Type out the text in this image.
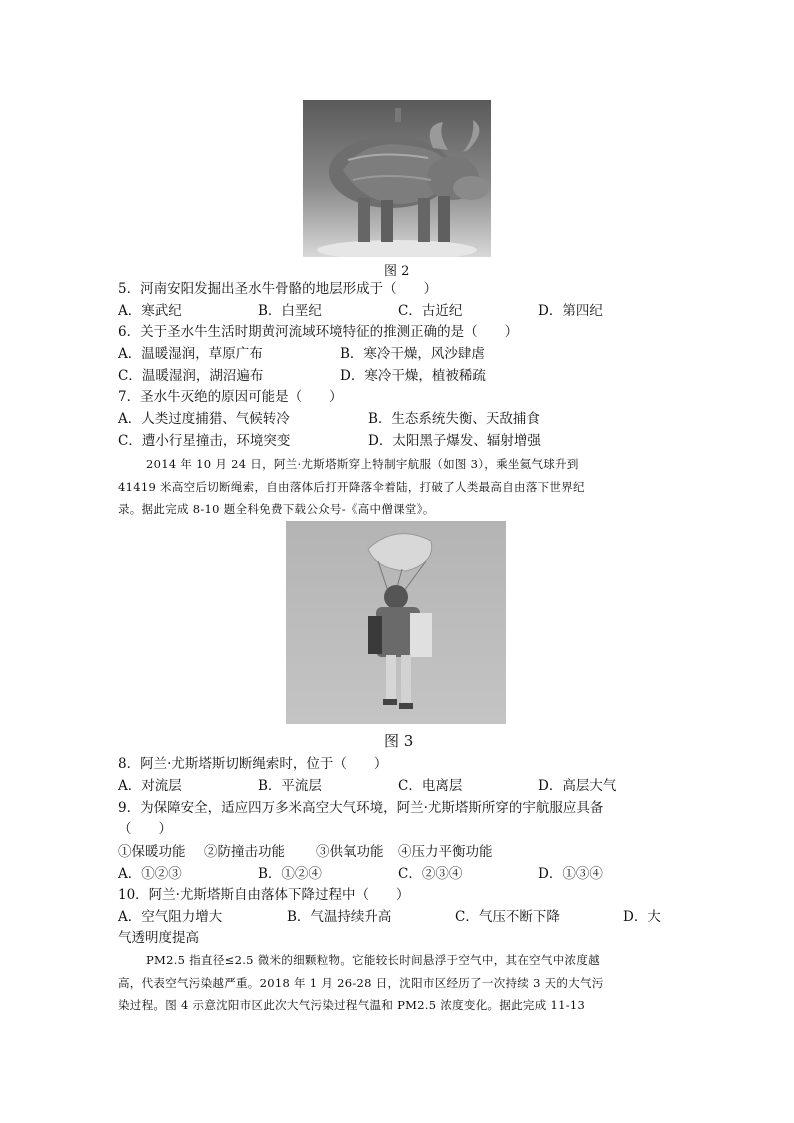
图 2
5．河南安阳发掘出圣水牛骨骼的地层形成于（　　）
A．寒武纪	B．白垩纪	C．古近纪	D．第四纪
6．关于圣水牛生活时期黄河流域环境特征的推测正确的是（　　）
A．温暖湿润，草原广布	B．寒冷干燥，风沙肆虐
C．温暖湿润，湖沼遍布	D．寒冷干燥，植被稀疏
7．圣水牛灭绝的原因可能是（　　）
A．人类过度捕猎、气候转冷	B．生态系统失衡、天敌捕食
C．遭小行星撞击，环境突变	D．太阳黑子爆发、辐射增强
2014 年 10 月 24 日，阿兰·尤斯塔斯穿上特制宇航服（如图 3），乘坐氦气球升到
41419 米高空后切断绳索，自由落体后打开降落伞着陆，打破了人类最高自由落下世界纪
录。据此完成 8-10 题全科免费下载公众号-《高中僧课堂》。
图 3
8．阿兰·尤斯塔斯切断绳索时，位于（　　）
A．对流层	B．平流层	C．电离层	D．高层大气
9．为保障安全，适应四万多米高空大气环境，阿兰·尤斯塔斯所穿的宇航服应具备
（　　）
①保暖功能 ②防撞击功能 ③供氧功能 ④压力平衡功能
A．①②③	B．①②④	C．②③④	D．①③④
10．阿兰·尤斯塔斯自由落体下降过程中（　　）
A．空气阻力增大	B．气温持续升高	C．气压不断下降	D．大
气透明度提高
PM2.5 指直径≤2.5 微米的细颗粒物。它能较长时间悬浮于空气中，其在空气中浓度越
高，代表空气污染越严重。2018 年 1 月 26-28 日，沈阳市区经历了一次持续 3 天的大气污
染过程。图 4 示意沈阳市区此次大气污染过程气温和 PM2.5 浓度变化。据此完成 11-13
